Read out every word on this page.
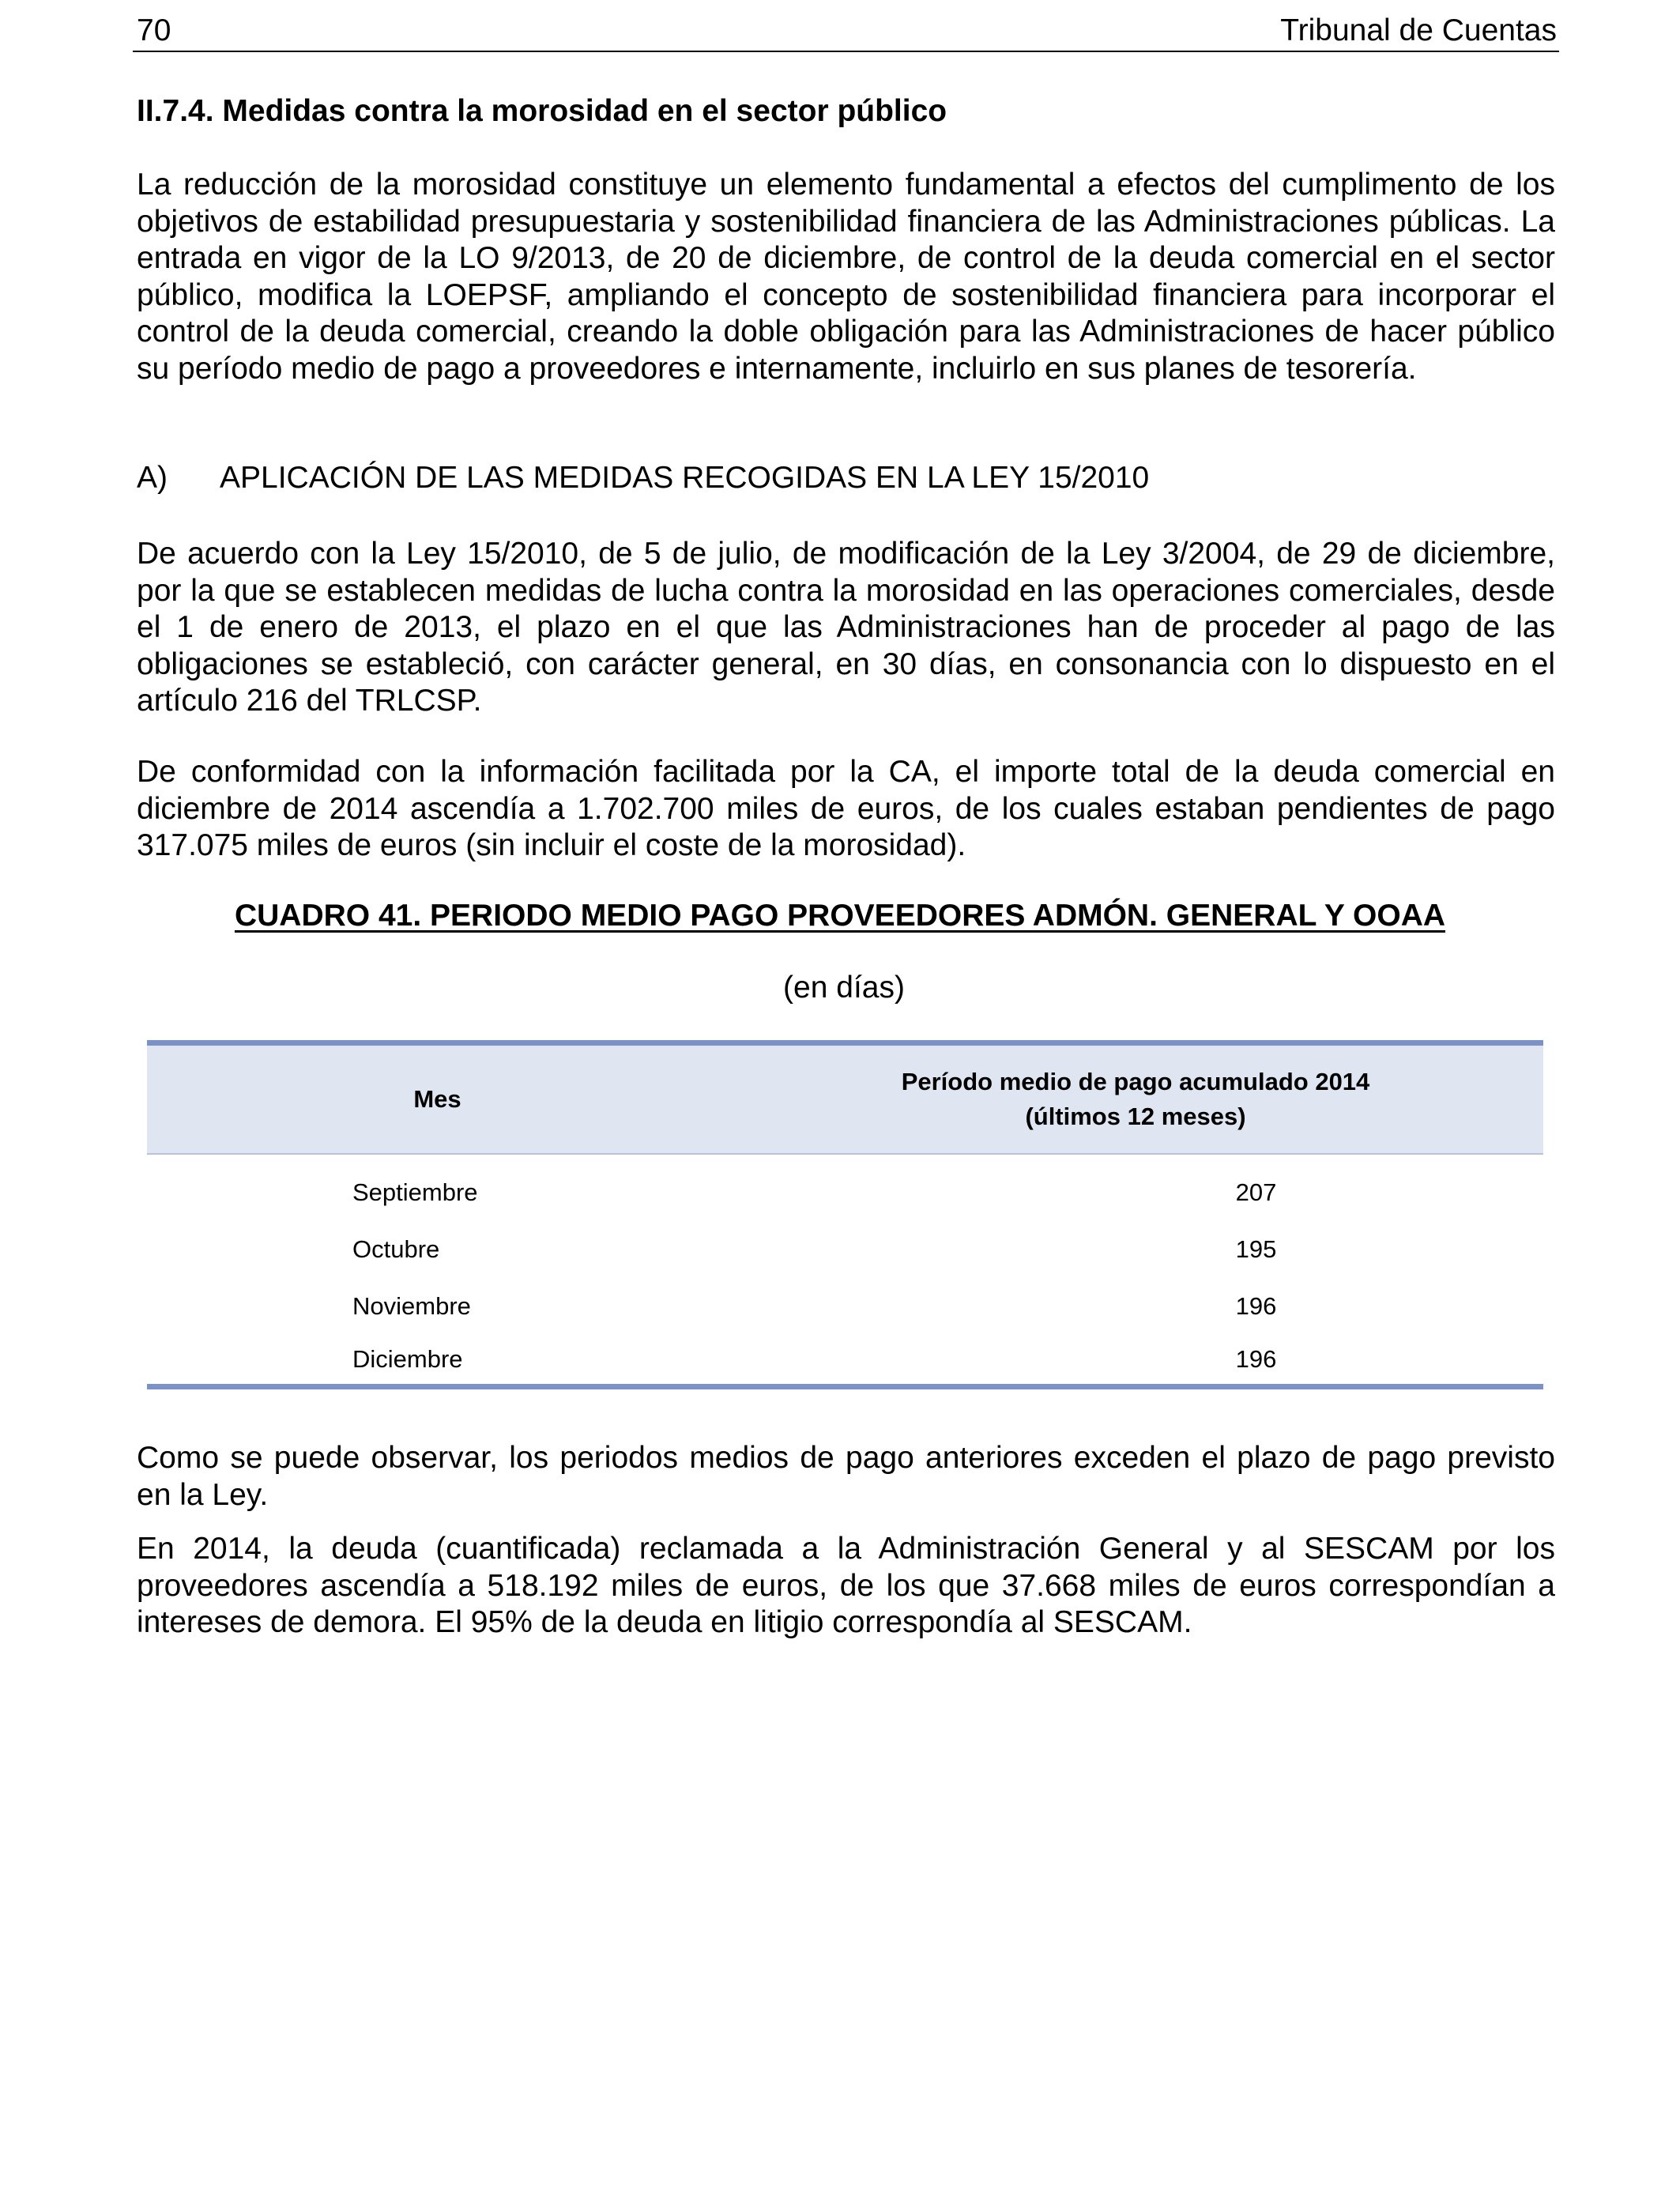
70	Tribunal de Cuentas
II.7.4. Medidas contra la morosidad en el sector público

La reducción de la morosidad constituye un elemento fundamental a efectos del cumplimento de los objetivos de estabilidad presupuestaria y sostenibilidad financiera de las Administraciones públicas. La entrada en vigor de la LO 9/2013, de 20 de diciembre, de control de la deuda comercial en el sector público, modifica la LOEPSF, ampliando el concepto de sostenibilidad financiera para incorporar el control de la deuda comercial, creando la doble obligación para las Administraciones de hacer público su período medio de pago a proveedores e internamente, incluirlo en sus planes de tesorería.

A) APLICACIÓN DE LAS MEDIDAS RECOGIDAS EN LA LEY 15/2010

De acuerdo con la Ley 15/2010, de 5 de julio, de modificación de la Ley 3/2004, de 29 de diciembre, por la que se establecen medidas de lucha contra la morosidad en las operaciones comerciales, desde el 1 de enero de 2013, el plazo en el que las Administraciones han de proceder al pago de las obligaciones se estableció, con carácter general, en 30 días, en consonancia con lo dispuesto en el artículo 216 del TRLCSP.

De conformidad con la información facilitada por la CA, el importe total de la deuda comercial en diciembre de 2014 ascendía a 1.702.700 miles de euros, de los cuales estaban pendientes de pago 317.075 miles de euros (sin incluir el coste de la morosidad).

CUADRO 41. PERIODO MEDIO PAGO PROVEEDORES ADMÓN. GENERAL Y OOAA

(en días)

Mes	Período medio de pago acumulado 2014
(últimos 12 meses)
Septiembre	207
Octubre	195
Noviembre	196
Diciembre	196

Como se puede observar, los periodos medios de pago anteriores exceden el plazo de pago previsto en la Ley.

En 2014, la deuda (cuantificada) reclamada a la Administración General y al SESCAM por los proveedores ascendía a 518.192 miles de euros, de los que 37.668 miles de euros correspondían a intereses de demora. El 95% de la deuda en litigio correspondía al SESCAM.
